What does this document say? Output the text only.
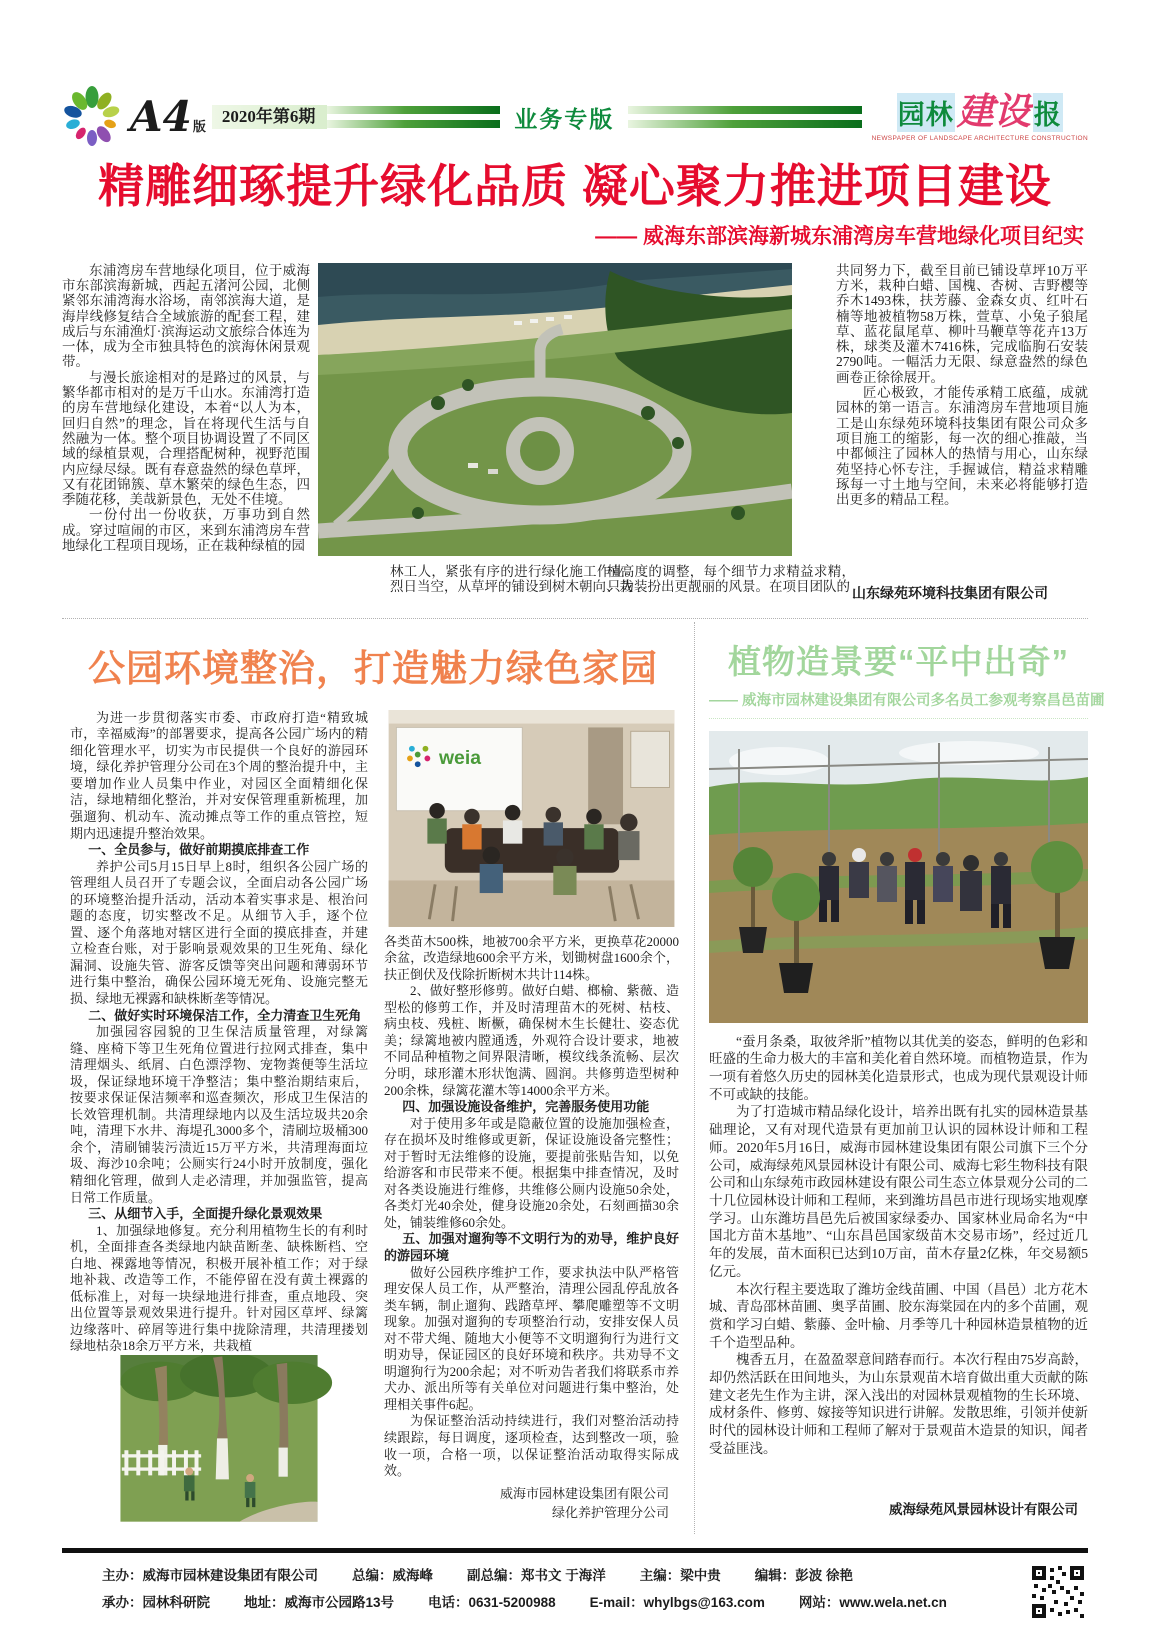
A4 版
2020年第6期	业务专版	园林 建设 报
NEWSPAPER OF LANDSCAPE ARCHITECTURE CONSTRUCTION
精雕细琢提升绿化品质 凝心聚力推进项目建设
—— 威海东部滨海新城东浦湾房车营地绿化项目纪实

东浦湾房车营地绿化项目，位于威海市东部滨海新城，西起五渚河公园，北侧紧邻东浦湾海水浴场，南邻滨海大道，是海岸线修复结合全域旅游的配套工程，建成后与东浦渔灯·滨海运动文旅综合体连为一体，成为全市独具特色的滨海休闲景观带。

与漫长旅途相对的是路过的风景，与繁华都市相对的是万千山水。东浦湾打造的房车营地绿化建设，本着“以人为本，回归自然”的理念，旨在将现代生活与自然融为一体。整个项目协调设置了不同区域的绿植景观，合理搭配树种，视野范围内应绿尽绿。既有春意盎然的绿色草坪，又有花团锦簇、草木繁荣的绿色生态，四季随花移，美哉新景色，无处不佳境。

一份付出一份收获，万事功到自然成。穿过喧闹的市区，来到东浦湾房车营地绿化工程项目现场，正在栽种绿植的园

共同努力下，截至目前已铺设草坪10万平方米，栽种白蜡、国槐、杏树、吉野樱等乔木1493株，扶芳藤、金森女贞、红叶石楠等地被植物58万株，萱草、小兔子狼尾草、蓝花鼠尾草、柳叶马鞭草等花卉13万株，球类及灌木7416株，完成临朐石安装2790吨。一幅活力无限、绿意盎然的绿色画卷正徐徐展开。

匠心极致，才能传承精工底蕴，成就园林的第一语言。东浦湾房车营地项目施工是山东绿苑环境科技集团有限公司众多项目施工的缩影，每一次的细心推敲，当中都倾注了园林人的热情与用心，山东绿苑坚持心怀专注，手握诚信，精益求精雕琢每一寸土地与空间，未来必将能够打造出更多的精品工程。

林工人，紧张有序的进行绿化施工作业。烈日当空，从草坪的铺设到树木朝向、栽
植高度的调整，每个细节力求精益求精，只为装扮出更靓丽的风景。在项目团队的 山东绿苑环境科技集团有限公司
公园环境整治，打造魅力绿色家园

为进一步贯彻落实市委、市政府打造“精致城市，幸福威海”的部署要求，提高各公园广场内的精细化管理水平，切实为市民提供一个良好的游园环境，绿化养护管理分公司在3个周的整治提升中，主要增加作业人员集中作业，对园区全面精细化保洁，绿地精细化整治，并对安保管理重新梳理，加强遛狗、机动车、流动摊点等工作的重点管控，短期内迅速提升整治效果。

一、全员参与，做好前期摸底排查工作

养护公司5月15日早上8时，组织各公园广场的管理组人员召开了专题会议，全面启动各公园广场的环境整治提升活动，活动本着实事求是、根治问题的态度，切实整改不足。从细节入手，逐个位置、逐个角落地对辖区进行全面的摸底排查，并建立检查台账，对于影响景观效果的卫生死角、绿化漏洞、设施失管、游客反馈等突出问题和薄弱环节进行集中整治，确保公园环境无死角、设施完整无损、绿地无裸露和缺株断垄等情况。

二、做好实时环境保洁工作，全力清查卫生死角

加强园容园貌的卫生保洁质量管理，对绿篱缝、座椅下等卫生死角位置进行拉网式排查，集中清理烟头、纸屑、白色漂浮物、宠物粪便等生活垃圾，保证绿地环境干净整洁；集中整治期结束后，按要求保证保洁频率和巡查频次，形成卫生保洁的长效管理机制。共清理绿地内以及生活垃圾共20余吨，清理下水井、海堤孔3000多个，清刷垃圾桶300余个，清刷铺装污渍近15万平方米，共清理海面垃圾、海沙10余吨；公厕实行24小时开放制度，强化精细化管理，做到人走必清理，并加强监管，提高日常工作质量。

三、从细节入手，全面提升绿化景观效果

1、加强绿地修复。充分利用植物生长的有利时机，全面排查各类绿地内缺苗断垄、缺株断档、空白地、裸露地等情况，积极开展补植工作；对于绿地补栽、改造等工作，不能停留在没有黄土裸露的低标准上，对每一块绿地进行排查，重点地段、突出位置等景观效果进行提升。针对园区草坪、绿篱边缘落叶、碎屑等进行集中拢除清理，共清理搂划绿地枯杂18余万平方米，共栽植

weia

各类苗木500株，地被700余平方米，更换草花20000余盆，改造绿地600余平方米，划锄树盘1600余个，扶正倒伏及伐除折断树木共计114株。

2、做好整形修剪。做好白蜡、榔榆、紫薇、造型松的修剪工作，并及时清理苗木的死树、枯枝、病虫枝、残桩、断橛，确保树木生长健壮、姿态优美；绿篱地被内膛通透，外观符合设计要求，地被不同品种植物之间界限清晰，模纹线条流畅、层次分明，球形灌木形状饱满、圆润。共修剪造型树种200余株，绿篱花灌木等14000余平方米。

四、加强设施设备维护，完善服务使用功能

对于使用多年或是隐蔽位置的设施加强检查，存在损坏及时维修或更新，保证设施设备完整性；对于暂时无法维修的设施，要提前张贴告知，以免给游客和市民带来不便。根据集中排查情况，及时对各类设施进行维修，共维修公厕内设施50余处，各类灯光40余处，健身设施20余处，石刻画描30余处，铺装维修60余处。

五、加强对遛狗等不文明行为的劝导，维护良好的游园环境

做好公园秩序维护工作，要求执法中队严格管理安保人员工作，从严整治，清理公园乱停乱放各类车辆，制止遛狗、践踏草坪、攀爬雕塑等不文明现象。加强对遛狗的专项整治行动，安排安保人员对不带犬绳、随地大小便等不文明遛狗行为进行文明劝导，保证园区的良好环境和秩序。共劝导不文明遛狗行为200余起；对不听劝告者我们将联系市养犬办、派出所等有关单位对问题进行集中整治，处理相关事件6起。

为保证整治活动持续进行，我们对整治活动持续跟踪，每日调度，逐项检查，达到整改一项，验收一项，合格一项，以保证整治活动取得实际成效。

威海市园林建设集团有限公司
绿化养护管理分公司
植物造景要“平中出奇”
—— 威海市园林建设集团有限公司多名员工参观考察昌邑苗圃

“蚕月条桑，取彼斧斨”植物以其优美的姿态，鲜明的色彩和旺盛的生命力极大的丰富和美化着自然环境。而植物造景，作为一项有着悠久历史的园林美化造景形式，也成为现代景观设计师不可或缺的技能。

为了打造城市精品绿化设计，培养出既有扎实的园林造景基础理论，又有对现代造景有更加前卫认识的园林设计师和工程师。2020年5月16日，威海市园林建设集团有限公司旗下三个分公司，威海绿苑风景园林设计有限公司、威海七彩生物科技有限公司和山东绿苑市政园林建设有限公司生态立体景观分公司的二十几位园林设计师和工程师，来到潍坊昌邑市进行现场实地观摩学习。山东潍坊昌邑先后被国家绿委办、国家林业局命名为“中国北方苗木基地”、“山东昌邑国家级苗木交易市场”，经过近几年的发展，苗木面积已达到10万亩，苗木存量2亿株，年交易额5亿元。

本次行程主要选取了潍坊金线苗圃、中国（昌邑）北方花木城、青岛邵林苗圃、奥孚苗圃、胶东海棠园在内的多个苗圃，观赏和学习白蜡、紫藤、金叶榆、月季等几十种园林造景植物的近千个造型品种。

槐香五月，在盈盈翠意间踏春而行。本次行程由75岁高龄，却仍然活跃在田间地头，为山东景观苗木培育做出重大贡献的陈建文老先生作为主讲，深入浅出的对园林景观植物的生长环境、成材条件、修剪、嫁接等知识进行讲解。发散思维，引领并使新时代的园林设计师和工程师了解对于景观苗木造景的知识，闻者受益匪浅。

威海绿苑风景园林设计有限公司
主办：威海市园林建设集团有限公司	总编：威海峰	副总编：郑书文 于海洋	主编：梁中贵	编辑：彭波 徐艳
承办：园林科研院	地址：威海市公园路13号	电话：0631-5200988	E-mail：whylbgs@163.com	网站：www.wela.net.cn
